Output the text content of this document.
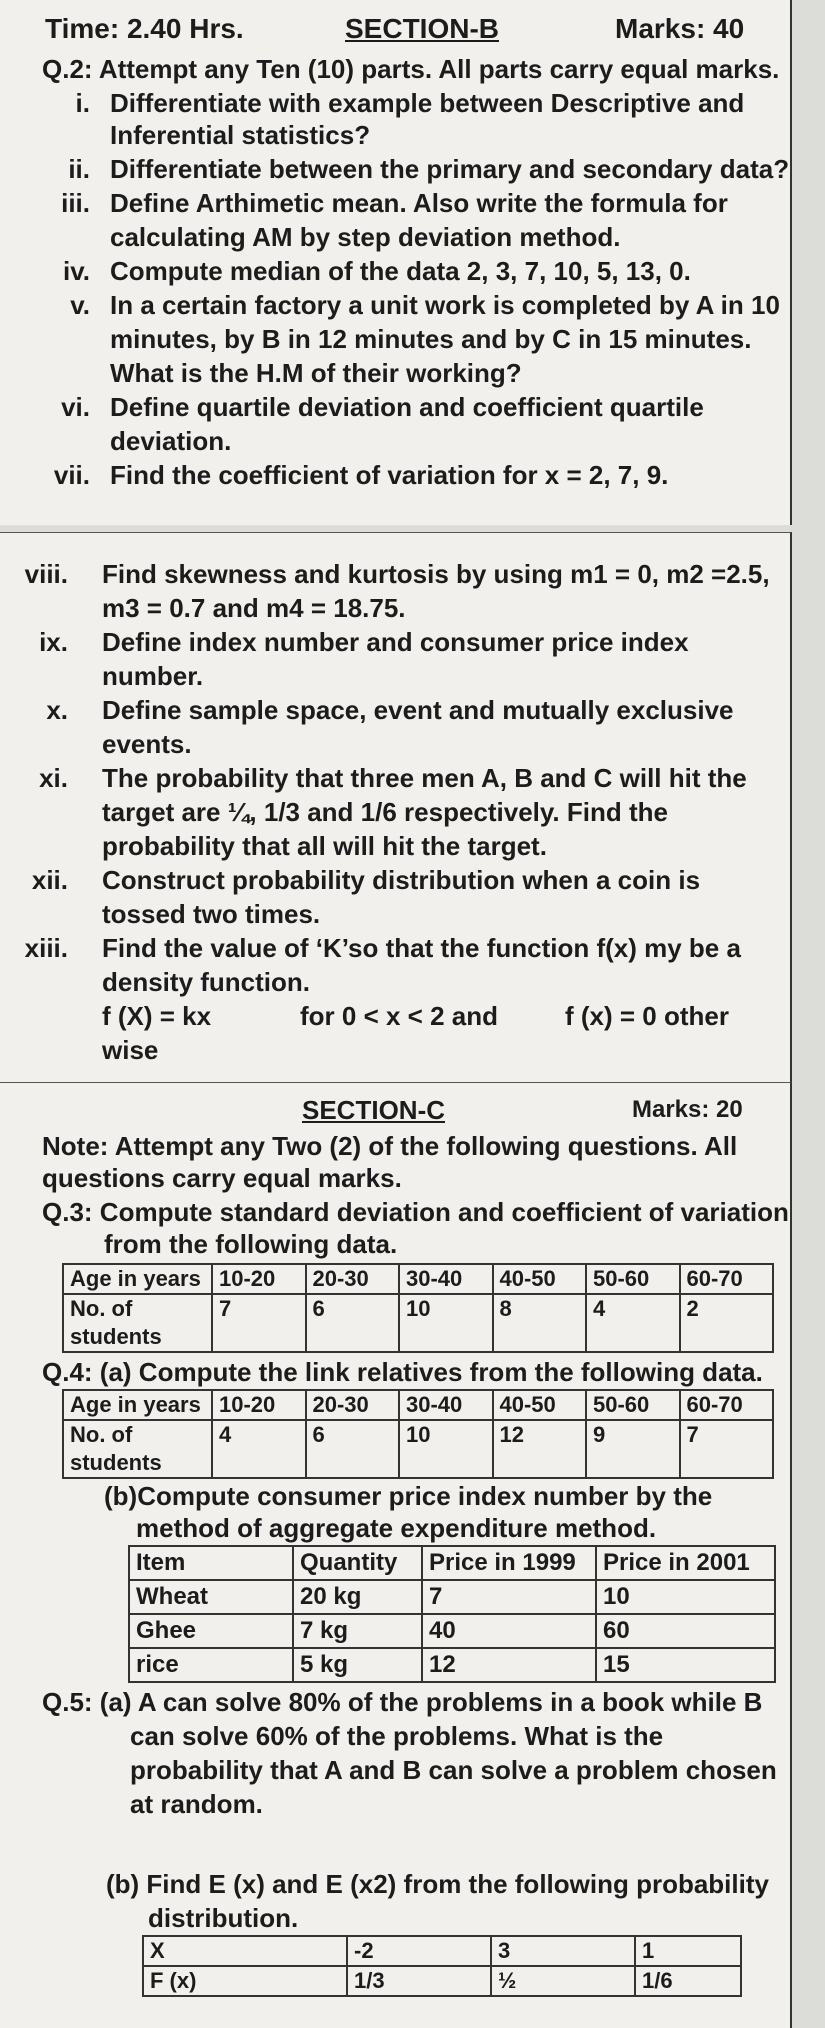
Time: 2.40 Hrs.	SECTION-B	Marks: 40
Q.2: Attempt any Ten (10) parts. All parts carry equal marks.
i. Differentiate with example between Descriptive and
Inferential statistics?
ii. Differentiate between the primary and secondary data?
iii. Define Arthimetic mean. Also write the formula for
calculating AM by step deviation method.
iv. Compute median of the data 2, 3, 7, 10, 5, 13, 0.
v. In a certain factory a unit work is completed by A in 10
minutes, by B in 12 minutes and by C in 15 minutes.
What is the H.M of their working?
vi. Define quartile deviation and coefficient quartile
deviation.
vii. Find the coefficient of variation for x = 2, 7, 9.
viii. Find skewness and kurtosis by using m1 = 0, m2 =2.5,
m3 = 0.7 and m4 = 18.75.
ix. Define index number and consumer price index
number.
x. Define sample space, event and mutually exclusive
events.
xi. The probability that three men A, B and C will hit the
target are ¼, 1/3 and 1/6 respectively. Find the
probability that all will hit the target.
xii. Construct probability distribution when a coin is
tossed two times.
xiii. Find the value of ‘K’so that the function f(x) my be a
density function.
f (X) = kx	for 0 < x < 2 and	f (x) = 0 other
wise
SECTION-C	Marks: 20
Note: Attempt any Two (2) of the following questions. All
questions carry equal marks.
Q.3: Compute standard deviation and coefficient of variation
from the following data.
Age in years	10-20	20-30	30-40	40-50	50-60	60-70
No. of
students	7	6	10	8	4	2
Q.4: (a) Compute the link relatives from the following data.
Age in years	10-20	20-30	30-40	40-50	50-60	60-70
No. of
students	4	6	10	12	9	7
(b)Compute consumer price index number by the
method of aggregate expenditure method.
Item	Quantity	Price in 1999	Price in 2001
Wheat	20 kg	7	10
Ghee	7 kg	40	60
rice	5 kg	12	15
Q.5: (a) A can solve 80% of the problems in a book while B
can solve 60% of the problems. What is the
probability that A and B can solve a problem chosen
at random.
(b) Find E (x) and E (x2) from the following probability
distribution.
X	-2	3	1
F (x)	1/3	½	1/6
